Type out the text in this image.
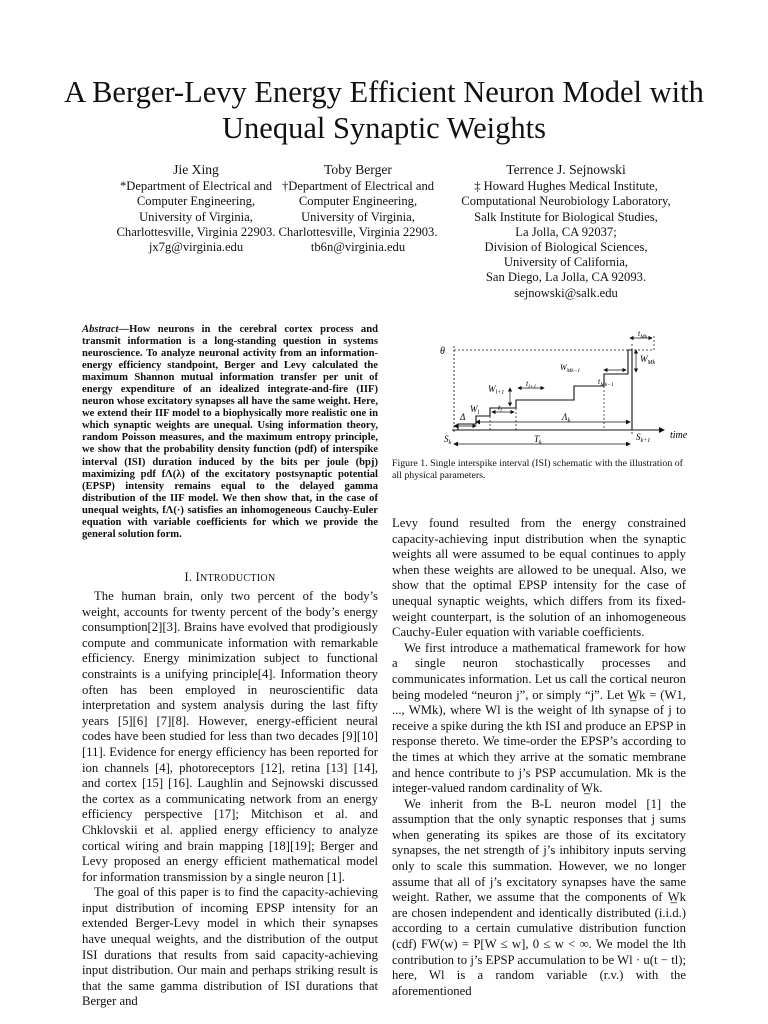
A Berger-Levy Energy Efficient Neuron Model with Unequal Synaptic Weights
Jie Xing
*Department of Electrical and
Computer Engineering,
University of Virginia,
Charlottesville, Virginia 22903.
jx7g@virginia.edu
Toby Berger
†Department of Electrical and
Computer Engineering,
University of Virginia,
Charlottesville, Virginia 22903.
tb6n@virginia.edu
Terrence J. Sejnowski
‡ Howard Hughes Medical Institute,
Computational Neurobiology Laboratory,
Salk Institute for Biological Studies,
La Jolla, CA 92037;
Division of Biological Sciences,
University of California,
San Diego, La Jolla, CA 92093.
sejnowski@salk.edu
Abstract—How neurons in the cerebral cortex process and transmit information is a long-standing question in systems neuroscience. To analyze neuronal activity from an information-energy efficiency standpoint, Berger and Levy calculated the maximum Shannon mutual information transfer per unit of energy expenditure of an idealized integrate-and-fire (IIF) neuron whose excitatory synapses all have the same weight. Here, we extend their IIF model to a biophysically more realistic one in which synaptic weights are unequal. Using information theory, random Poisson measures, and the maximum entropy principle, we show that the probability density function (pdf) of interspike interval (ISI) duration induced by the bits per joule (bpj) maximizing pdf fΛ(λ) of the excitatory postsynaptic potential (EPSP) intensity remains equal to the delayed gamma distribution of the IIF model. We then show that, in the case of unequal weights, fΛ(·) satisfies an inhomogeneous Cauchy-Euler equation with variable coefficients for which we provide the general solution form.
I. INTRODUCTION

The human brain, only two percent of the body’s weight, accounts for twenty percent of the body’s energy consumption[2][3]. Brains have evolved that prodigiously compute and communicate information with remarkable efficiency. Energy minimization subject to functional constraints is a unifying principle[4]. Information theory often has been employed in neuroscientific data interpretation and system analysis during the last fifty years [5][6] [7][8]. However, energy-efficient neural codes have been studied for less than two decades [9][10][11]. Evidence for energy efficiency has been reported for ion channels [4], photoreceptors [12], retina [13] [14], and cortex [15] [16]. Laughlin and Sejnowski discussed the cortex as a communicating network from an energy efficiency perspective [17]; Mitchison et al. and Chklovskii et al. applied energy efficiency to analyze cortical wiring and brain mapping [18][19]; Berger and Levy proposed an energy efficient mathematical model for information transmission by a single neuron [1].

The goal of this paper is to find the capacity-achieving input distribution of incoming EPSP intensity for an extended Berger-Levy model in which their synapses have unequal weights, and the distribution of the output ISI durations that results from said capacity-achieving input distribution. Our main and perhaps striking result is that the same gamma distribution of ISI durations that Berger and

θ
time
$S_k$
$S_{k+1}$
$T_k$
$\Lambda_k$
Δ
$W_l$
$W_{l+1}$
$t_l$
$t_{l+1}$
$t_{Mk}$
$t_{Mk-1}$
$W_{Mk}$
$W_{Mk-1}$
Figure 1. Single interspike interval (ISI) schematic with the illustration of all physical parameters.

Levy found resulted from the energy constrained capacity-achieving input distribution when the synaptic weights all were assumed to be equal continues to apply when these weights are allowed to be unequal. Also, we show that the optimal EPSP intensity for the case of unequal synaptic weights, which differs from its fixed-weight counterpart, is the solution of an inhomogeneous Cauchy-Euler equation with variable coefficients.

We first introduce a mathematical framework for how a single neuron stochastically processes and communicates information. Let us call the cortical neuron being modeled “neuron j”, or simply “j”. Let W̲k = (W1, ..., WMk), where Wl is the weight of lth synapse of j to receive a spike during the kth ISI and produce an EPSP in response thereto. We time-order the EPSP’s according to the times at which they arrive at the somatic membrane and hence contribute to j’s PSP accumulation. Mk is the integer-valued random cardinality of W̲k.

We inherit from the B-L neuron model [1] the assumption that the only synaptic responses that j sums when generating its spikes are those of its excitatory synapses, the net strength of j’s inhibitory inputs serving only to scale this summation. However, we no longer assume that all of j’s excitatory synapses have the same weight. Rather, we assume that the components of W̲k are chosen independent and identically distributed (i.i.d.) according to a certain cumulative distribution function (cdf) FW(w) = P[W ≤ w], 0 ≤ w < ∞. We model the lth contribution to j’s EPSP accumulation to be Wl · u(t − tl); here, Wl is a random variable (r.v.) with the aforementioned
